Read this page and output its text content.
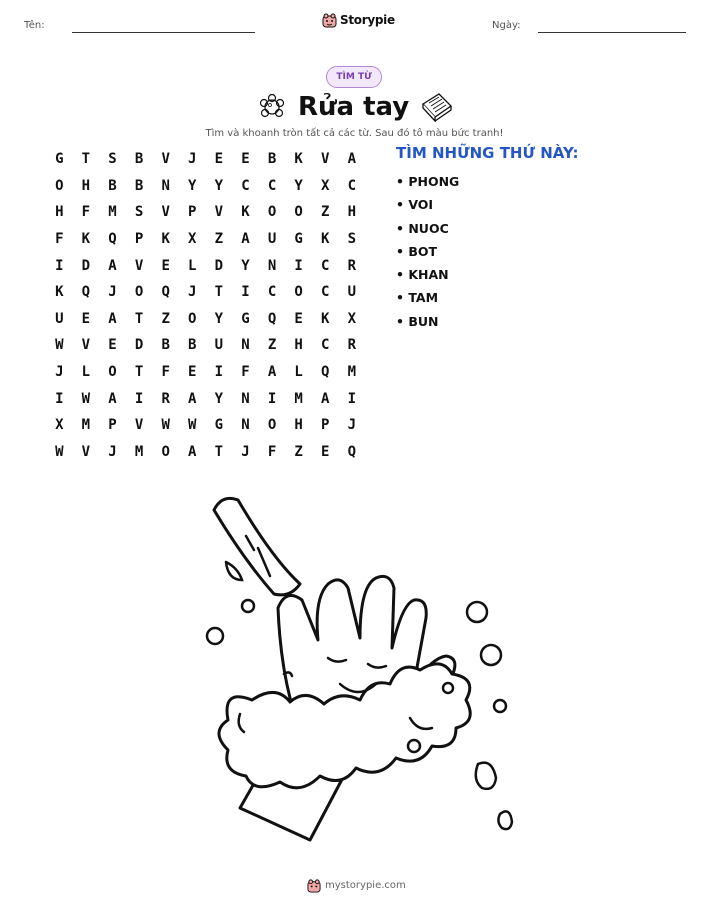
Tên:	Storypie	Ngày:
TÌM TỪ
Rửa tay
Tìm và khoanh tròn tất cả các từ. Sau đó tô màu bức tranh!
G	T	S	B	V	J	E	E	B	K	V	A
O	H	B	B	N	Y	Y	C	C	Y	X	C
H	F	M	S	V	P	V	K	O	O	Z	H
F	K	Q	P	K	X	Z	A	U	G	K	S
I	D	A	V	E	L	D	Y	N	I	C	R
K	Q	J	O	Q	J	T	I	C	O	C	U
U	E	A	T	Z	O	Y	G	Q	E	K	X
W	V	E	D	B	B	U	N	Z	H	C	R
J	L	O	T	F	E	I	F	A	L	Q	M
I	W	A	I	R	A	Y	N	I	M	A	I
X	M	P	V	W	W	G	N	O	H	P	J
W	V	J	M	O	A	T	J	F	Z	E	Q
TÌM NHỮNG THỨ NÀY:
• PHONG
• VOI
• NUOC
• BOT
• KHAN
• TAM
• BUN
mystorypie.com
